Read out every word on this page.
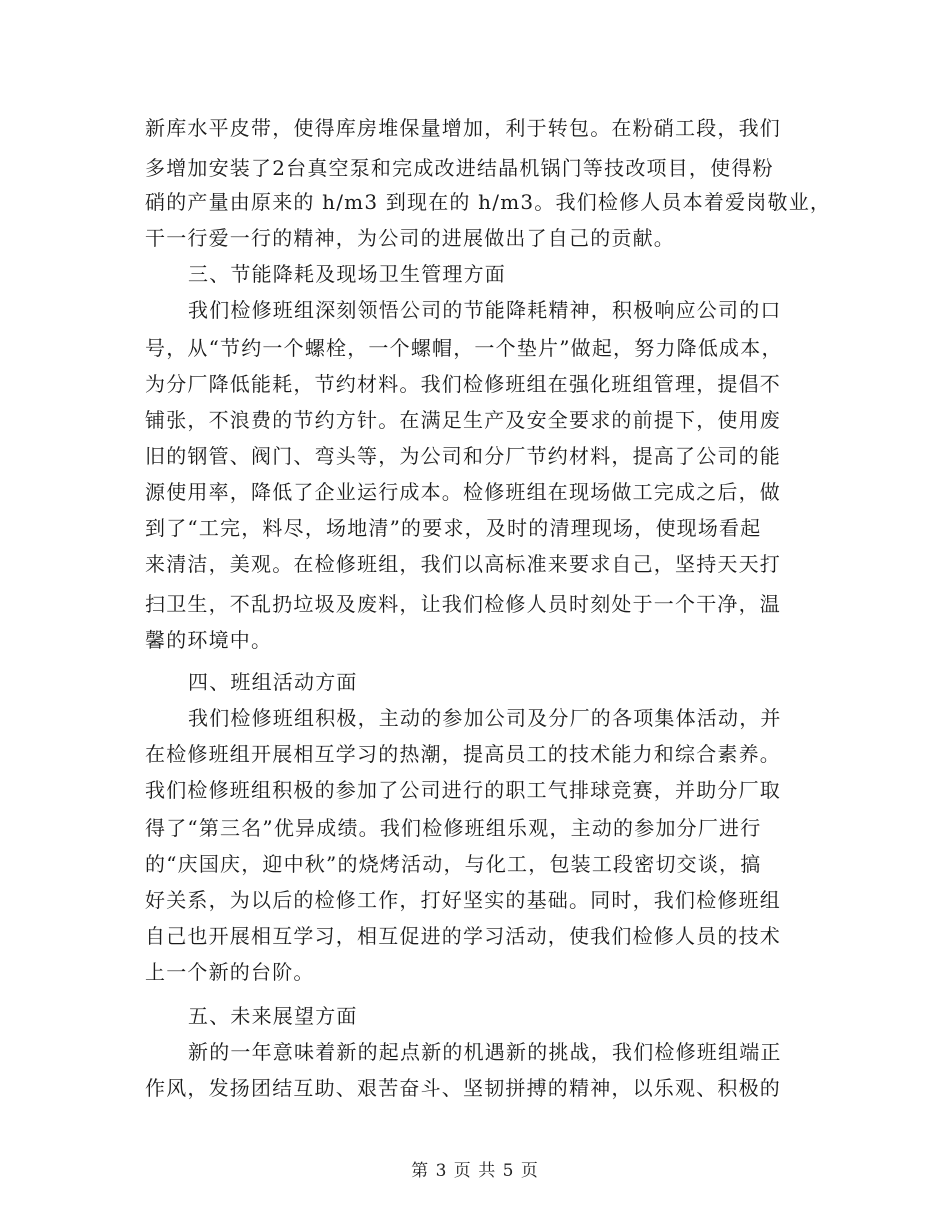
新库水平皮带，使得库房堆保量增加，利于转包。在粉硝工段，我们
多增加安装了2台真空泵和完成改进结晶机锅门等技改项目，使得粉
硝的产量由原来的 h/m3 到现在的 h/m3。我们检修人员本着爱岗敬业，
干一行爱一行的精神，为公司的进展做出了自己的贡献。
三、节能降耗及现场卫生管理方面
我们检修班组深刻领悟公司的节能降耗精神，积极响应公司的口
号，从“节约一个螺栓，一个螺帽，一个垫片”做起，努力降低成本，
为分厂降低能耗，节约材料。我们检修班组在强化班组管理，提倡不
铺张，不浪费的节约方针。在满足生产及安全要求的前提下，使用废
旧的钢管、阀门、弯头等，为公司和分厂节约材料，提高了公司的能
源使用率，降低了企业运行成本。检修班组在现场做工完成之后，做
到了“工完，料尽，场地清”的要求，及时的清理现场，使现场看起
来清洁，美观。在检修班组，我们以高标准来要求自己，坚持天天打
扫卫生，不乱扔垃圾及废料，让我们检修人员时刻处于一个干净，温
馨的环境中。
四、班组活动方面
我们检修班组积极，主动的参加公司及分厂的各项集体活动，并
在检修班组开展相互学习的热潮，提高员工的技术能力和综合素养。
我们检修班组积极的参加了公司进行的职工气排球竞赛，并助分厂取
得了“第三名”优异成绩。我们检修班组乐观，主动的参加分厂进行
的“庆国庆，迎中秋”的烧烤活动，与化工，包装工段密切交谈，搞
好关系，为以后的检修工作，打好坚实的基础。同时，我们检修班组
自己也开展相互学习，相互促进的学习活动，使我们检修人员的技术
上一个新的台阶。
五、未来展望方面
新的一年意味着新的起点新的机遇新的挑战，我们检修班组端正
作风，发扬团结互助、艰苦奋斗、坚韧拼搏的精神，以乐观、积极的
第 3 页 共 5 页
